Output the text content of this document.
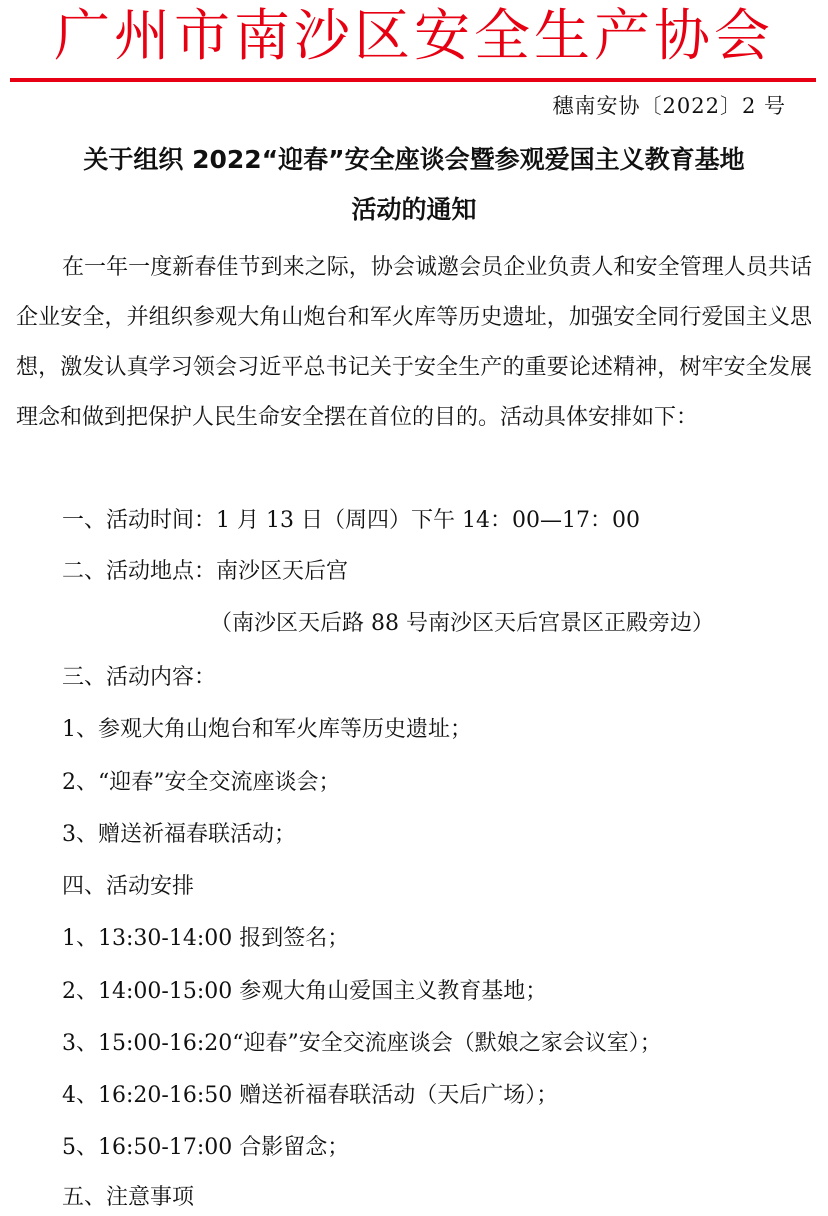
广州市南沙区安全生产协会
穗南安协〔2022〕2 号
关于组织 2022“迎春”安全座谈会暨参观爱国主义教育基地
活动的通知
在一年一度新春佳节到来之际，协会诚邀会员企业负责人和安全管理人员共话企业安全，并组织参观大角山炮台和军火库等历史遗址，加强安全同行爱国主义思想，激发认真学习领会习近平总书记关于安全生产的重要论述精神，树牢安全发展理念和做到把保护人民生命安全摆在首位的目的。活动具体安排如下：
一、活动时间：1 月 13 日（周四）下午 14：00—17：00
二、活动地点：南沙区天后宫
（南沙区天后路 88 号南沙区天后宫景区正殿旁边）
三、活动内容：
1、参观大角山炮台和军火库等历史遗址；
2、“迎春”安全交流座谈会；
3、赠送祈福春联活动；
四、活动安排
1、13:30-14:00 报到签名；
2、14:00-15:00 参观大角山爱国主义教育基地；
3、15:00-16:20“迎春”安全交流座谈会（默娘之家会议室）；
4、16:20-16:50 赠送祈福春联活动（天后广场）；
5、16:50-17:00 合影留念；
五、注意事项
